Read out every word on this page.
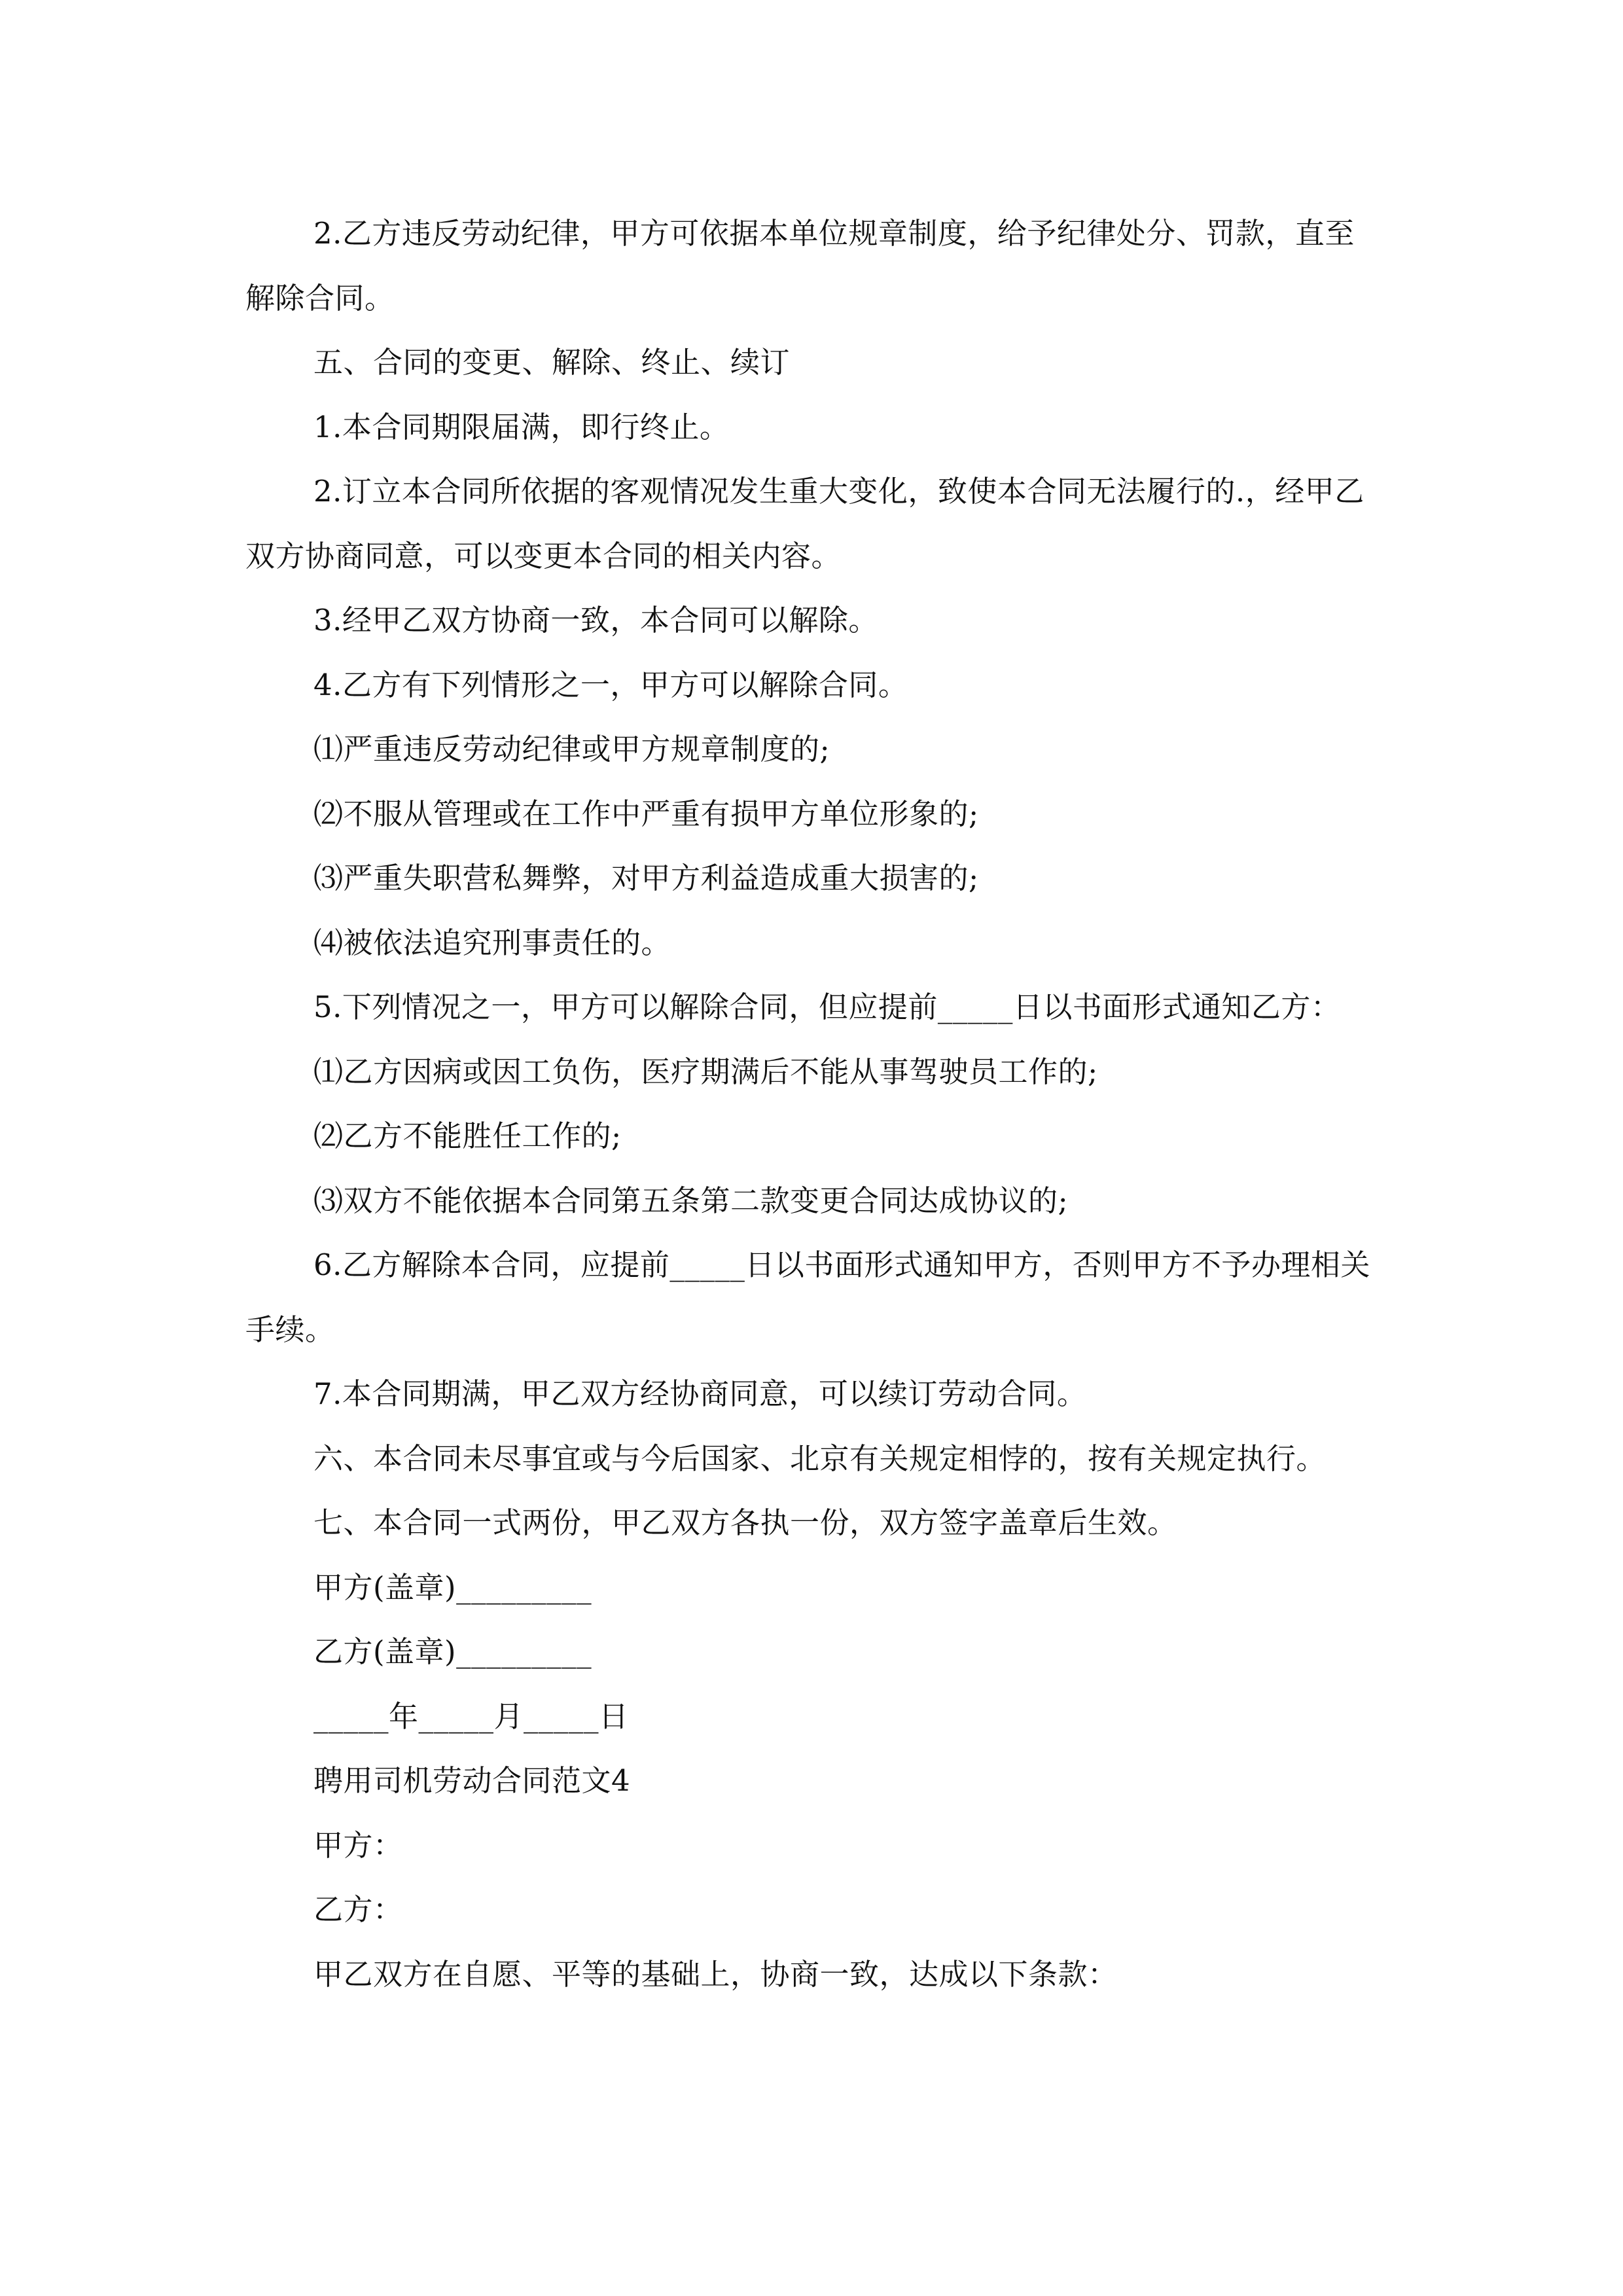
2.乙方违反劳动纪律，甲方可依据本单位规章制度，给予纪律处分、罚款，直至解除合同。

五、合同的变更、解除、终止、续订

1.本合同期限届满，即行终止。

2.订立本合同所依据的客观情况发生重大变化，致使本合同无法履行的.，经甲乙双方协商同意，可以变更本合同的相关内容。

3.经甲乙双方协商一致，本合同可以解除。

4.乙方有下列情形之一，甲方可以解除合同。

⑴严重违反劳动纪律或甲方规章制度的;

⑵不服从管理或在工作中严重有损甲方单位形象的;

⑶严重失职营私舞弊，对甲方利益造成重大损害的;

⑷被依法追究刑事责任的。

5.下列情况之一，甲方可以解除合同，但应提前_____日以书面形式通知乙方：

⑴乙方因病或因工负伤，医疗期满后不能从事驾驶员工作的;

⑵乙方不能胜任工作的;

⑶双方不能依据本合同第五条第二款变更合同达成协议的;

6.乙方解除本合同，应提前_____日以书面形式通知甲方，否则甲方不予办理相关手续。

7.本合同期满，甲乙双方经协商同意，可以续订劳动合同。

六、本合同未尽事宜或与今后国家、北京有关规定相悖的，按有关规定执行。

七、本合同一式两份，甲乙双方各执一份，双方签字盖章后生效。

甲方(盖章)_________

乙方(盖章)_________

_____年_____月_____日

聘用司机劳动合同范文4

甲方：

乙方：

甲乙双方在自愿、平等的基础上，协商一致，达成以下条款：
